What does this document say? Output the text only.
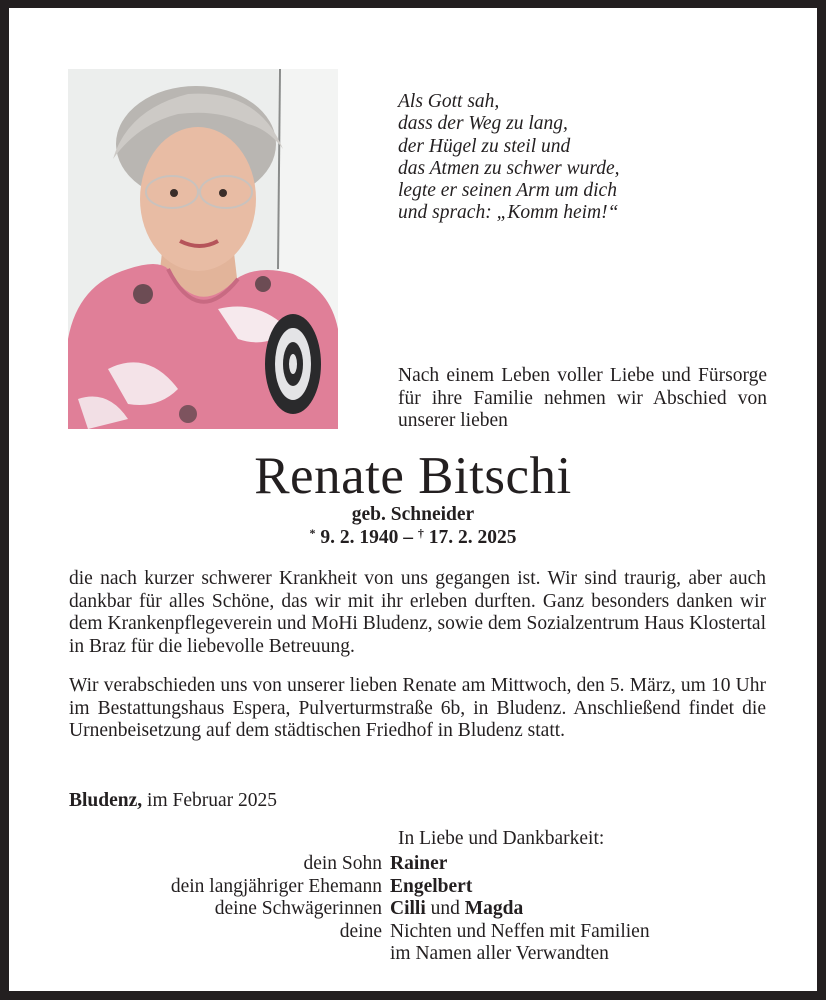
Als Gott sah,
dass der Weg zu lang,
der Hügel zu steil und
das Atmen zu schwer wurde,
legte er seinen Arm um dich
und sprach: „Komm heim!“
Nach einem Leben voller Liebe und Fürsorge für ihre Familie nehmen wir Abschied von unserer lieben
Renate Bitschi
geb. Schneider
* 9. 2. 1940 – † 17. 2. 2025
die nach kurzer schwerer Krankheit von uns gegangen ist. Wir sind traurig, aber auch dankbar für alles Schöne, das wir mit ihr erleben durften. Ganz besonders danken wir dem Krankenpflegeverein und MoHi Bludenz, sowie dem Sozialzentrum Haus Klostertal in Braz für die liebevolle Betreuung.
Wir verabschieden uns von unserer lieben Renate am Mittwoch, den 5. März, um 10 Uhr im Bestattungshaus Espera, Pulverturmstraße 6b, in Bludenz. Anschließend findet die Urnenbeisetzung auf dem städtischen Friedhof in Bludenz statt.
Bludenz, im Februar 2025
In Liebe und Dankbarkeit:
dein Sohn Rainer
dein langjähriger Ehemann Engelbert
deine Schwägerinnen Cilli und Magda
deine Nichten und Neffen mit Familien
im Namen aller Verwandten
